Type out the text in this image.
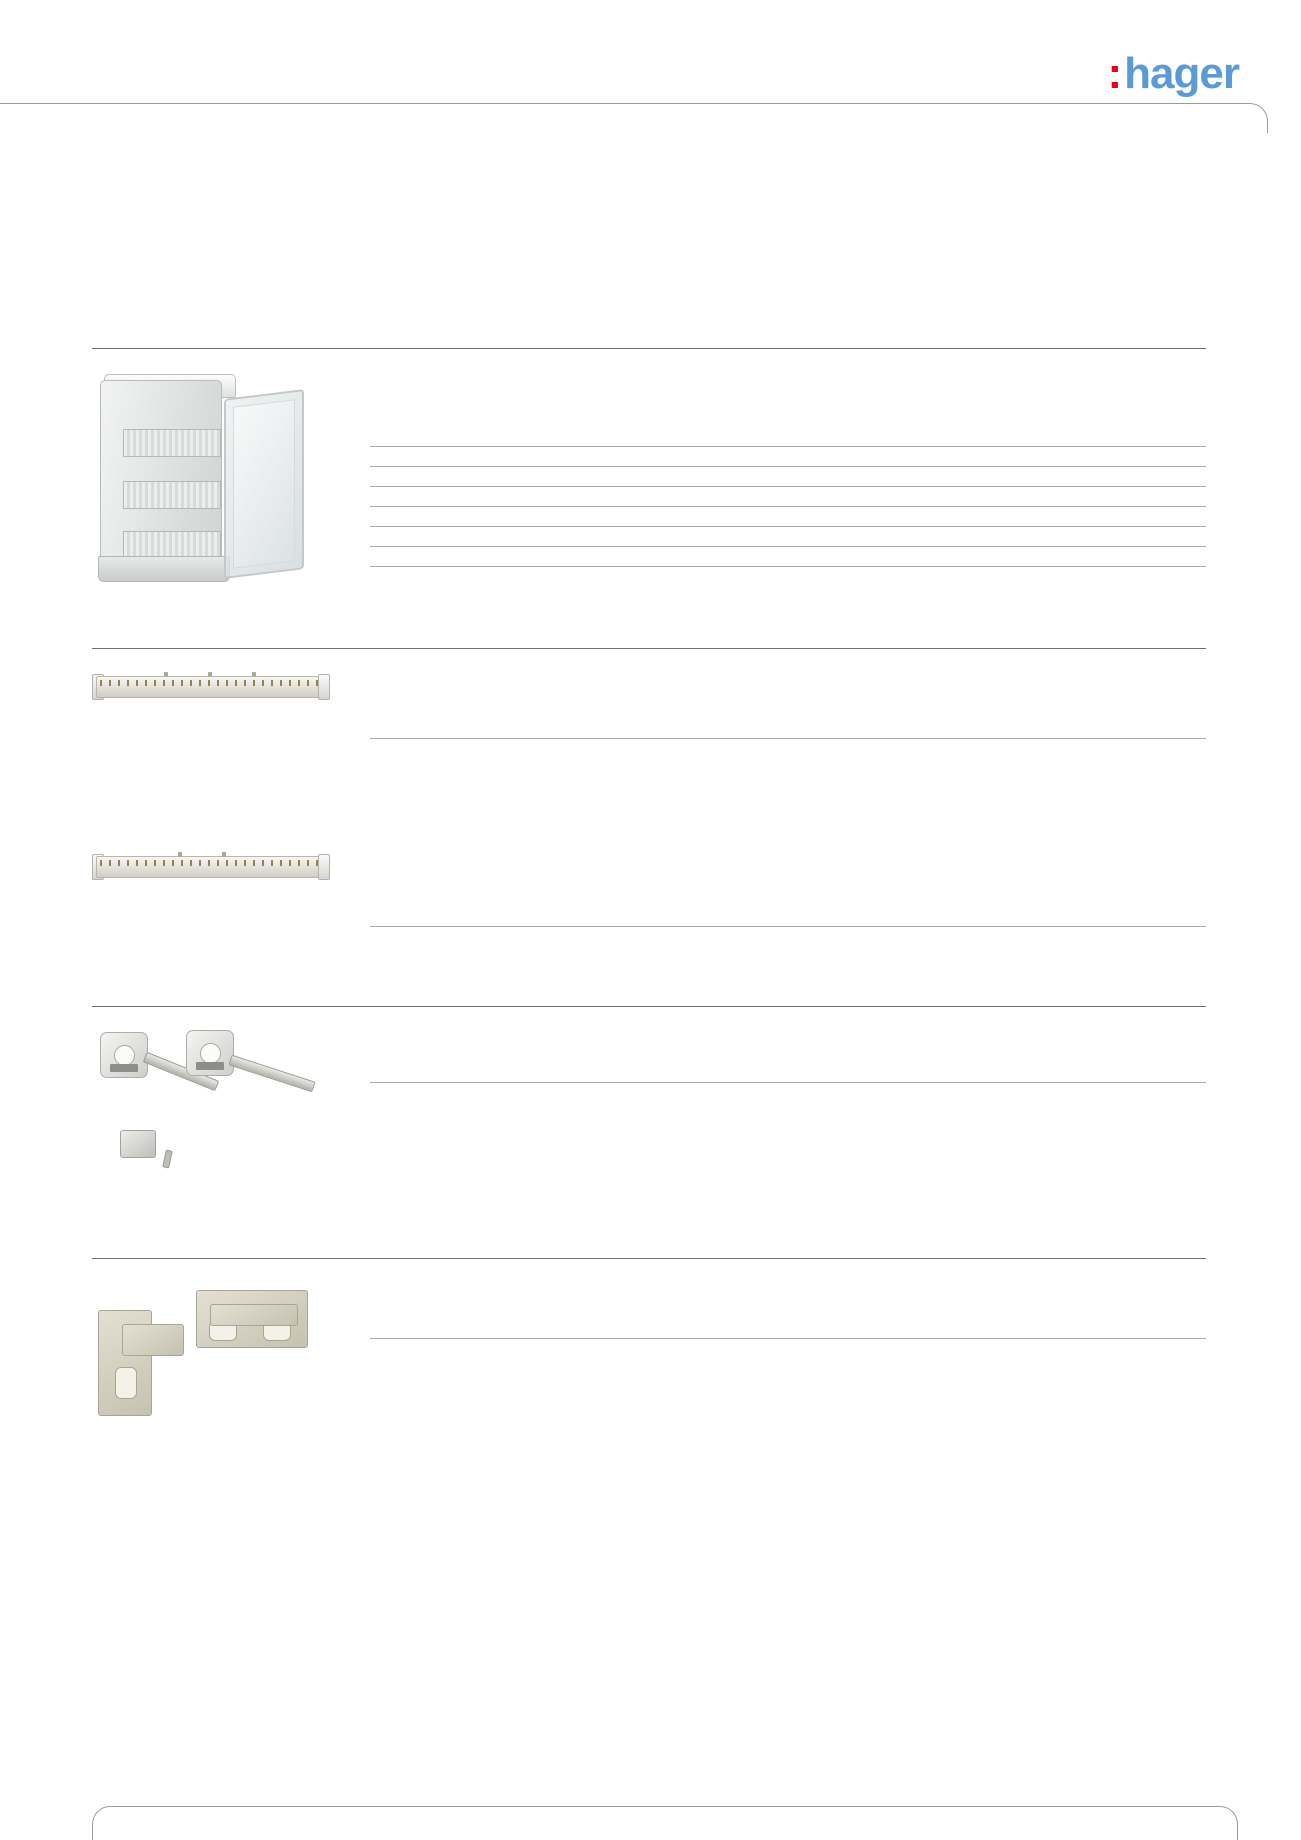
: hager
